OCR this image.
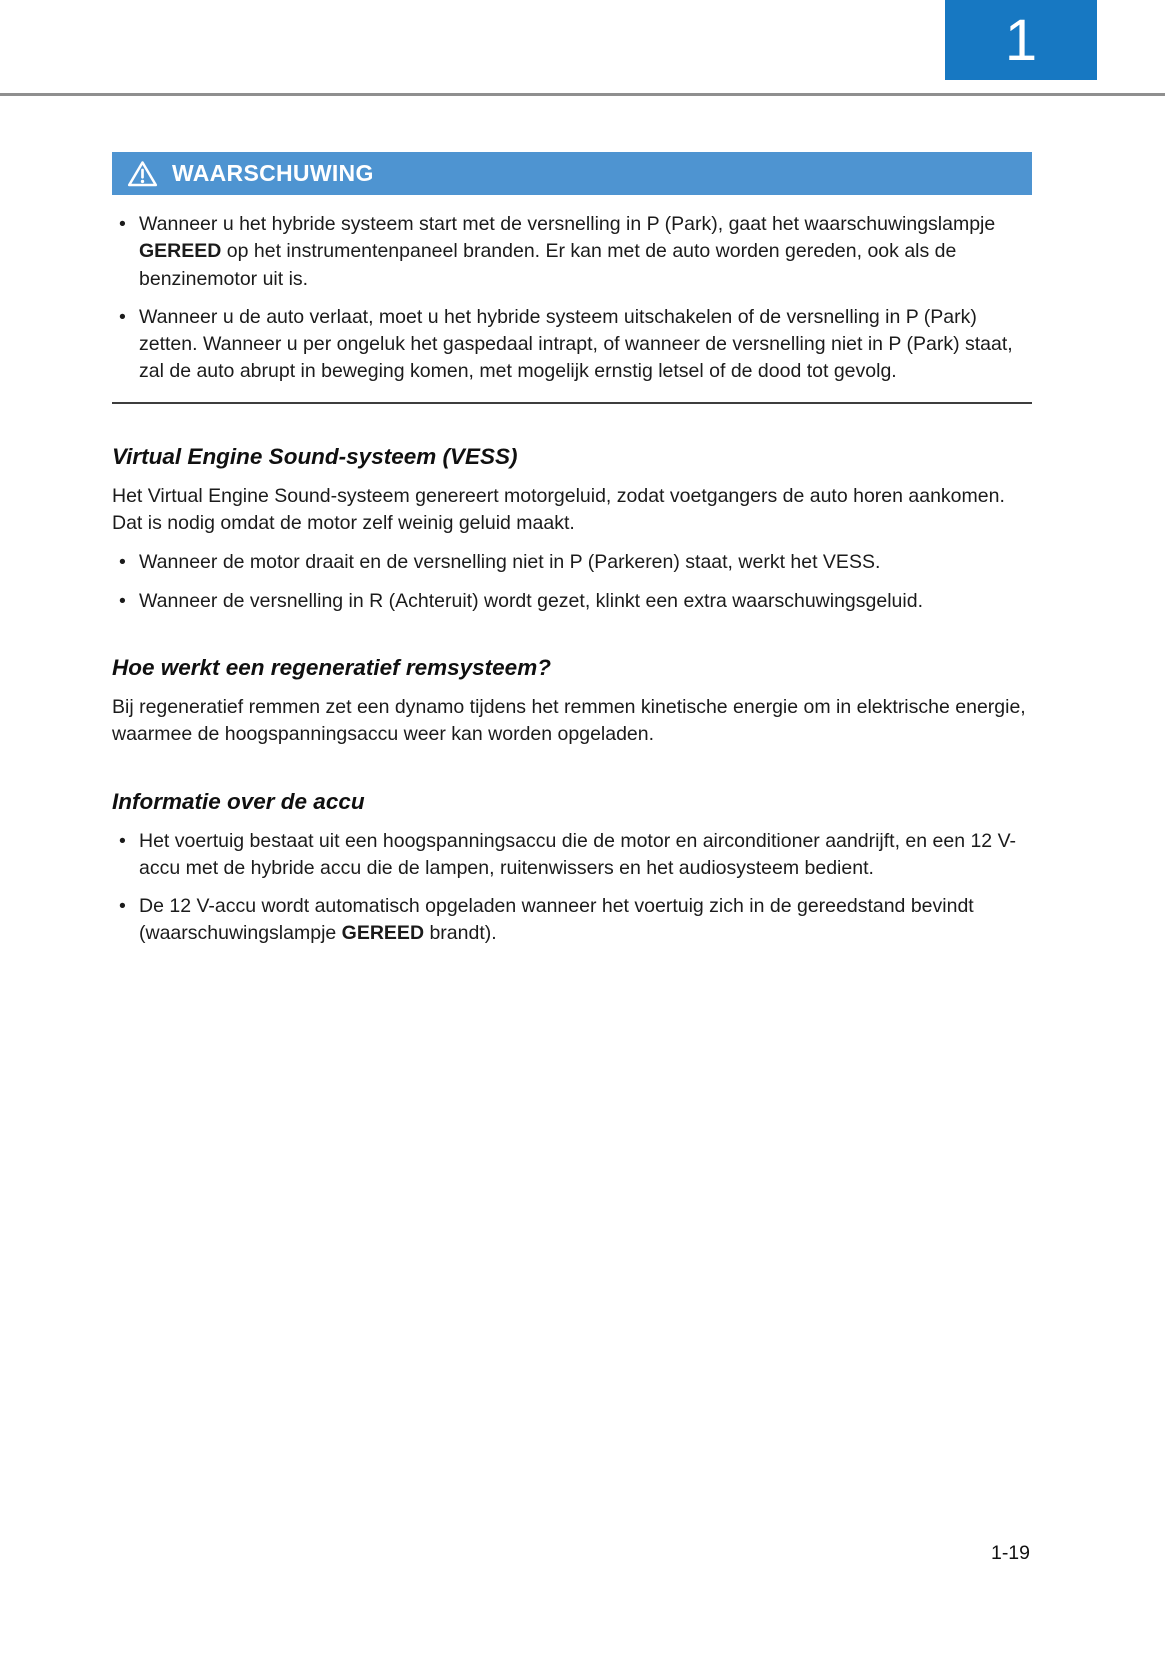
1
WAARSCHUWING
• Wanneer u het hybride systeem start met de versnelling in P (Park), gaat het waarschuwingslampje GEREED op het instrumentenpaneel branden. Er kan met de auto worden gereden, ook als de benzinemotor uit is.
• Wanneer u de auto verlaat, moet u het hybride systeem uitschakelen of de versnelling in P (Park) zetten. Wanneer u per ongeluk het gaspedaal intrapt, of wanneer de versnelling niet in P (Park) staat, zal de auto abrupt in beweging komen, met mogelijk ernstig letsel of de dood tot gevolg.
Virtual Engine Sound-systeem (VESS)

Het Virtual Engine Sound-systeem genereert motorgeluid, zodat voetgangers de auto horen aankomen. Dat is nodig omdat de motor zelf weinig geluid maakt.

• Wanneer de motor draait en de versnelling niet in P (Parkeren) staat, werkt het VESS.
• Wanneer de versnelling in R (Achteruit) wordt gezet, klinkt een extra waarschuwingsgeluid.
Hoe werkt een regeneratief remsysteem?

Bij regeneratief remmen zet een dynamo tijdens het remmen kinetische energie om in elektrische energie, waarmee de hoogspanningsaccu weer kan worden opgeladen.

Informatie over de accu
• Het voertuig bestaat uit een hoogspanningsaccu die de motor en airconditioner aandrijft, en een 12 V-accu met de hybride accu die de lampen, ruitenwissers en het audiosysteem bedient.
• De 12 V-accu wordt automatisch opgeladen wanneer het voertuig zich in de gereedstand bevindt (waarschuwingslampje GEREED brandt).
1-19
